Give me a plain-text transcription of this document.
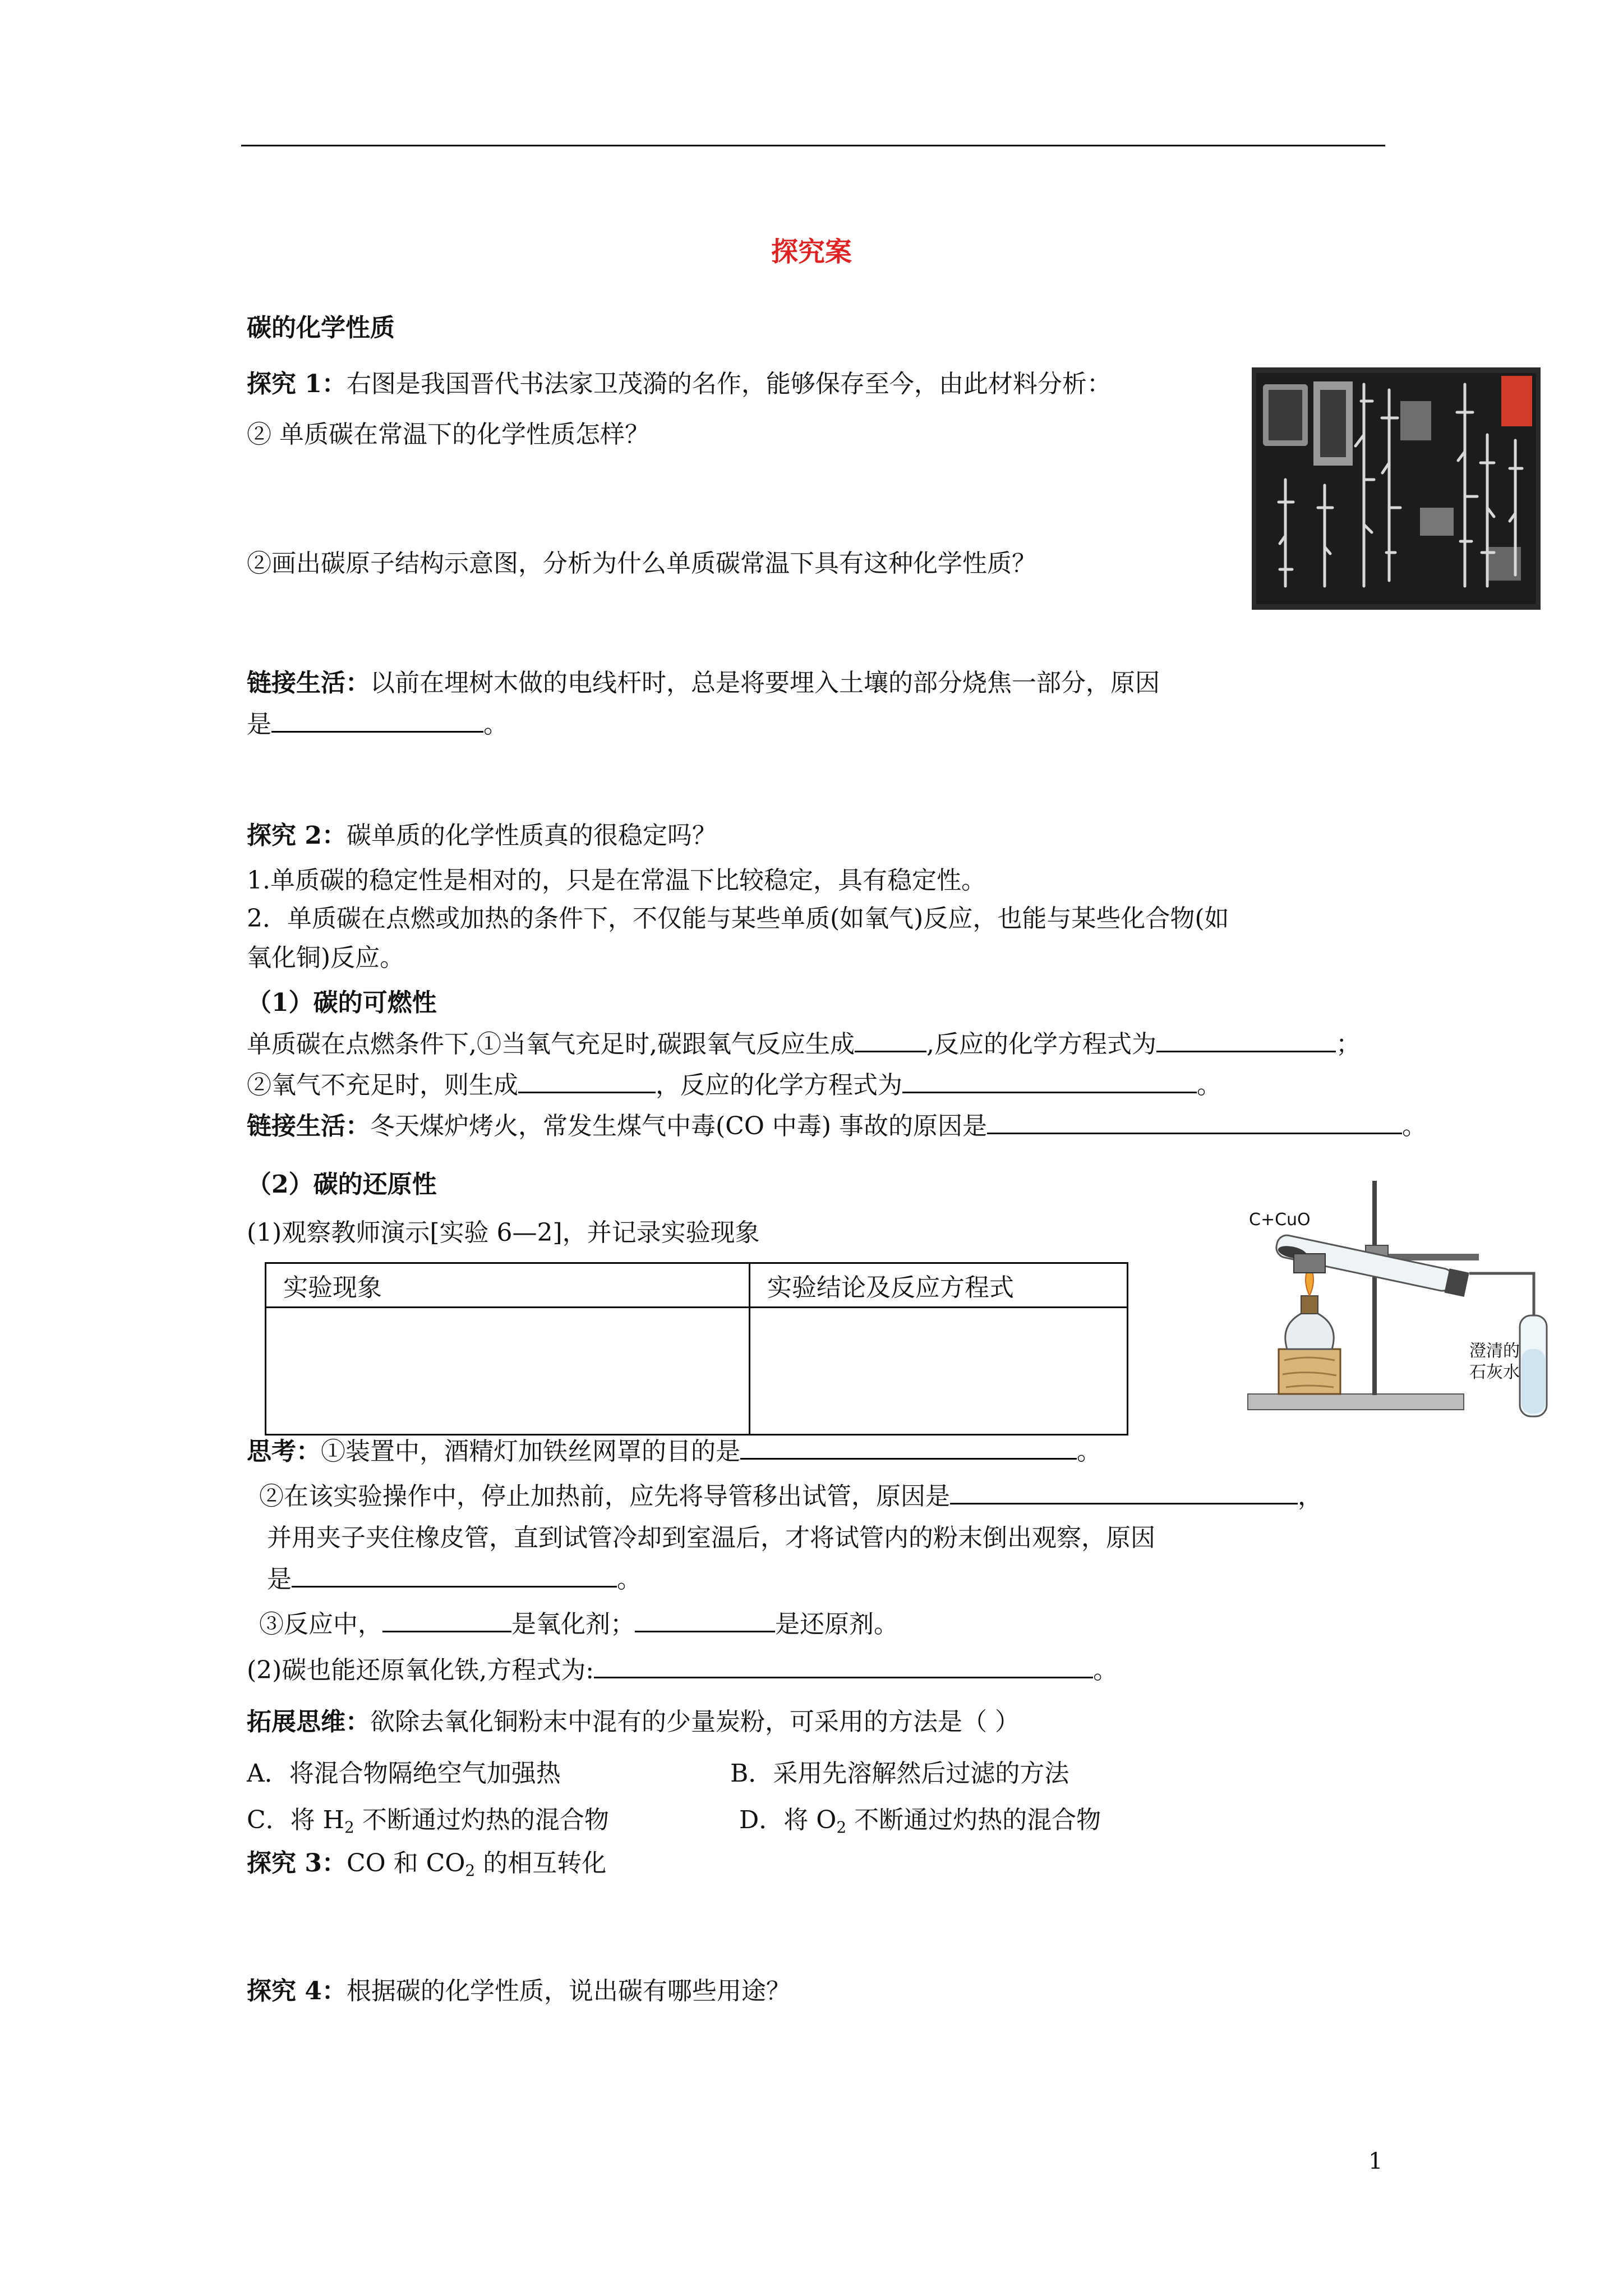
探究案
碳的化学性质
探究 1：右图是我国晋代书法家卫茂漪的名作，能够保存至今，由此材料分析：
② 单质碳在常温下的化学性质怎样？
②画出碳原子结构示意图，分析为什么单质碳常温下具有这种化学性质？
链接生活：以前在埋树木做的电线杆时，总是将要埋入土壤的部分烧焦一部分，原因
是	。
探究 2：碳单质的化学性质真的很稳定吗？
1.单质碳的稳定性是相对的，只是在常温下比较稳定，具有稳定性。
2．单质碳在点燃或加热的条件下，不仅能与某些单质(如氧气)反应，也能与某些化合物(如
氧化铜)反应。
（1）碳的可燃性
单质碳在点燃条件下,①当氧气充足时,碳跟氧气反应生成	,反应的化学方程式为	；
②氧气不充足时，则生成	，反应的化学方程式为	。
链接生活：冬天煤炉烤火，常发生煤气中毒(CO 中毒) 事故的原因是	。
（2）碳的还原性
(1)观察教师演示[实验 6—2]，并记录实验现象
实验现象	实验结论及反应方程式

C+CuO
澄清的
石灰水
思考：①装置中，酒精灯加铁丝网罩的目的是	。
②在该实验操作中，停止加热前，应先将导管移出试管，原因是	，
并用夹子夹住橡皮管，直到试管冷却到室温后，才将试管内的粉末倒出观察，原因
是	。
③反应中，	是氧化剂；	是还原剂。
(2)碳也能还原氧化铁,方程式为:	。
拓展思维：欲除去氧化铜粉末中混有的少量炭粉，可采用的方法是（ ）
A．将混合物隔绝空气加强热	B．采用先溶解然后过滤的方法
C．将 $H_2$ 不断通过灼热的混合物	D．将 $O_2$ 不断通过灼热的混合物
探究 3：CO 和 $CO_2$ 的相互转化
探究 4：根据碳的化学性质，说出碳有哪些用途？
1
